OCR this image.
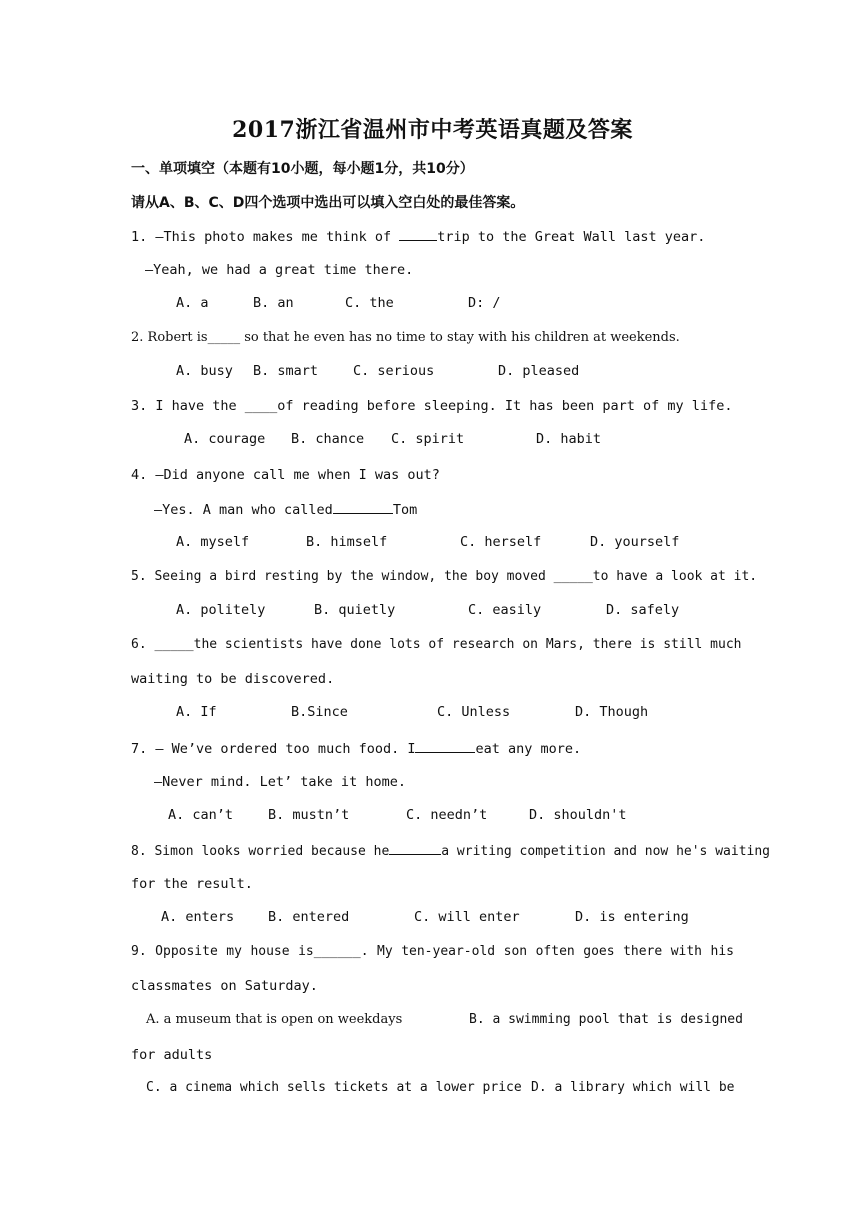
2017浙江省温州市中考英语真题及答案
一、单项填空（本题有10小题，每小题1分，共10分）
请从A、B、C、D四个选项中选出可以填入空白处的最佳答案。
1. —This photo makes me think of	trip to the Great Wall last year.
—Yeah, we had a great time there.
A. a	B. an	C. the	D: /
2. Robert is_____ so that he even has no time to stay with his children at weekends.
A. busy B. smart	C. serious	D. pleased
3. I have the ____of reading before sleeping. It has been part of my life.
A. courage B. chance C. spirit	D. habit
4. —Did anyone call me when I was out?
—Yes. A man who called	Tom
A. myself	B. himself	C. herself	D. yourself
5. Seeing a bird resting by the window, the boy moved _____to have a look at it.
A. politely	B. quietly	C. easily	D. safely
6. _____the scientists have done lots of research on Mars, there is still much
waiting to be discovered.
A. If	B.Since	C. Unless	D. Though
7. — We’ve ordered too much food. I	eat any more.
—Never mind. Let’ take it home.
A. can’t	B. mustn’t	C. needn’t	D. shouldn't
8. Simon looks worried because he	a writing competition and now he's waiting
for the result.
A. enters	B. entered	C. will enter	D. is entering
9. Opposite my house is______. My ten-year-old son often goes there with his
classmates on Saturday.
A. a museum that is open on weekdays	B. a swimming pool that is designed
for adults
C. a cinema which sells tickets at a lower price D. a library which will be
